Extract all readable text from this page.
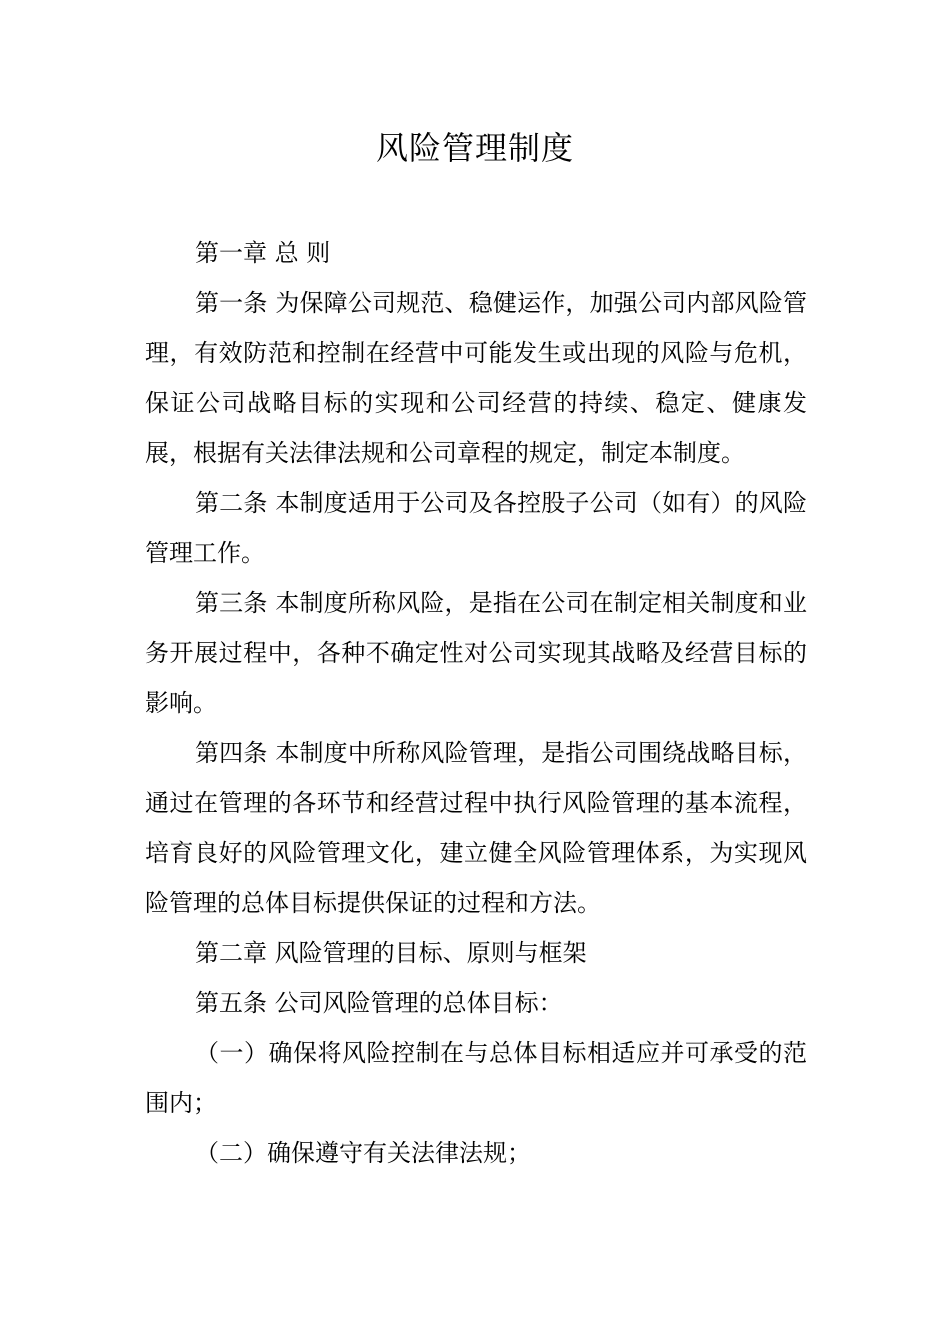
风险管理制度

第一章 总 则

第一条 为保障公司规范、稳健运作，加强公司内部风险管理，有效防范和控制在经营中可能发生或出现的风险与危机，保证公司战略目标的实现和公司经营的持续、稳定、健康发展，根据有关法律法规和公司章程的规定，制定本制度。

第二条 本制度适用于公司及各控股子公司（如有）的风险管理工作。

第三条 本制度所称风险，是指在公司在制定相关制度和业务开展过程中，各种不确定性对公司实现其战略及经营目标的影响。

第四条 本制度中所称风险管理，是指公司围绕战略目标，通过在管理的各环节和经营过程中执行风险管理的基本流程，培育良好的风险管理文化，建立健全风险管理体系，为实现风险管理的总体目标提供保证的过程和方法。

第二章 风险管理的目标、原则与框架

第五条 公司风险管理的总体目标：

（一）确保将风险控制在与总体目标相适应并可承受的范围内；

（二）确保遵守有关法律法规；
